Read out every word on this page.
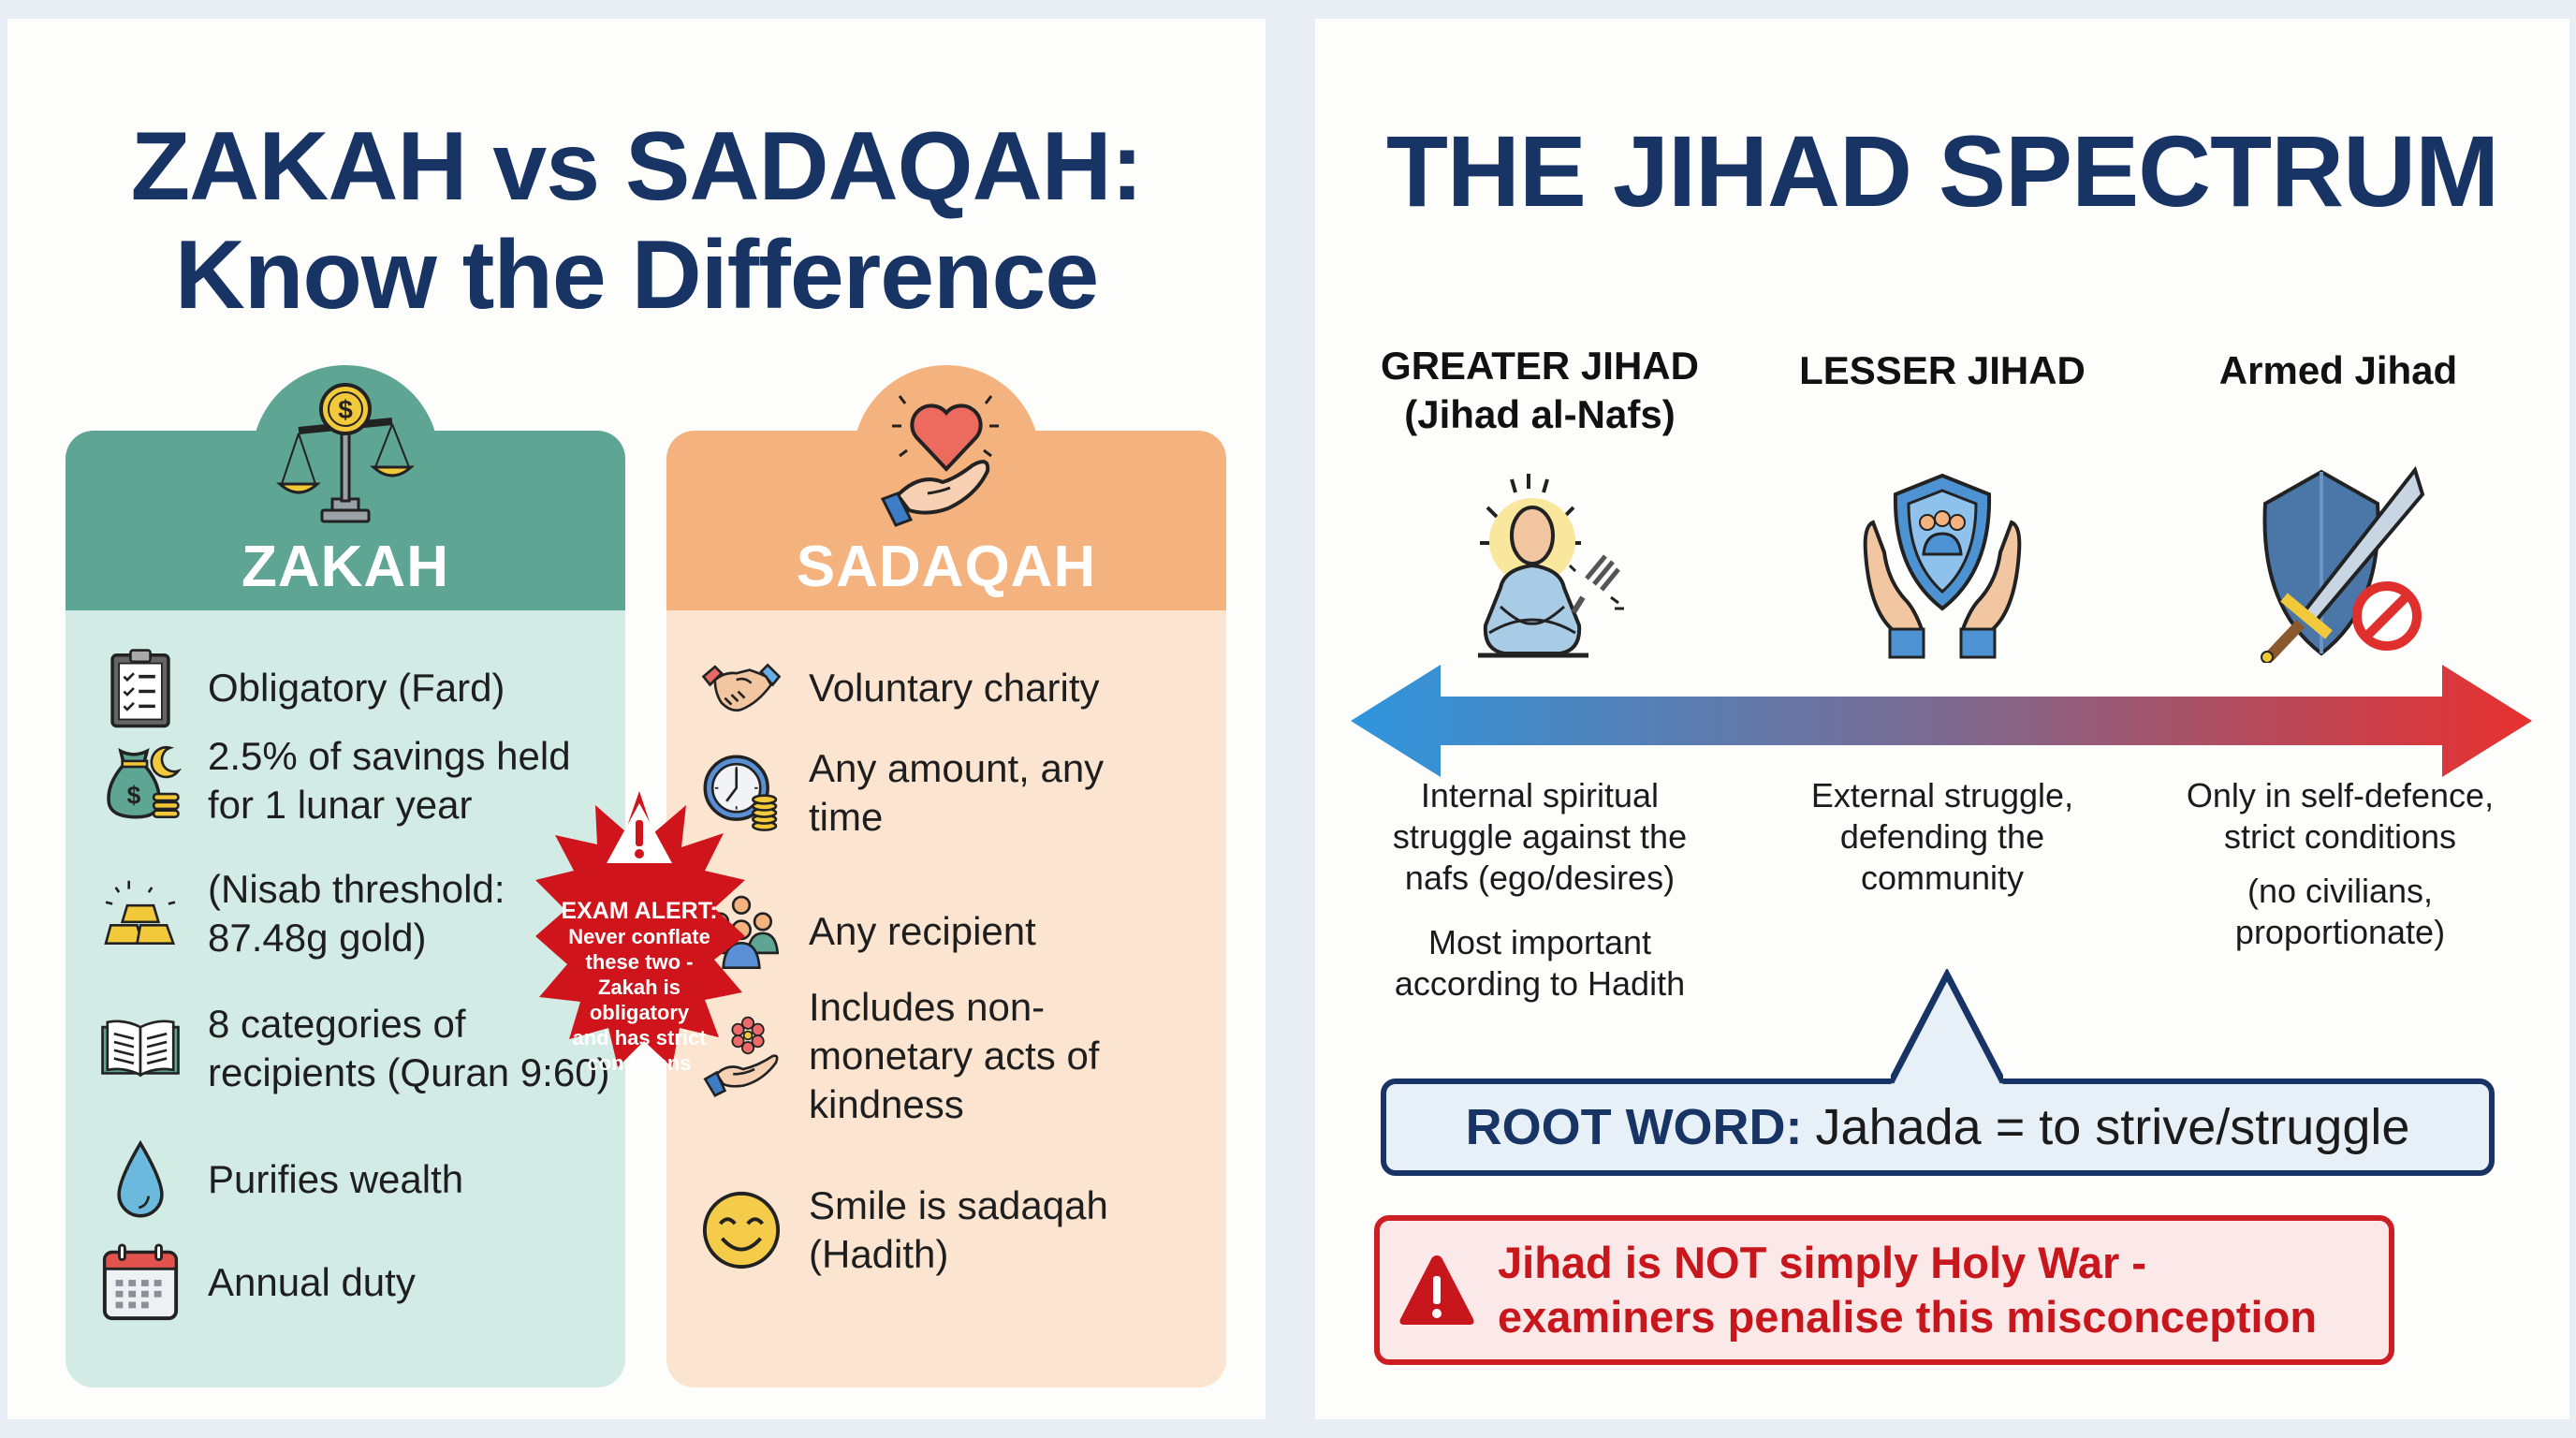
ZAKAH vs SADAQAH:
Know the Difference
$
ZAKAH
Obligatory (Fard)
$
2.5% of savings held
for 1 lunar year
(Nisab threshold:
87.48g gold)
8 categories of
recipients (Quran 9:60)
Purifies wealth
Annual duty
SADAQAH
Voluntary charity
Any amount, any
time
Any recipient
Includes non-
monetary acts of
kindness
Smile is sadaqah
(Hadith)
EXAM ALERT:
Never conflate
these two -
Zakah is
obligatory
and has strict
conditions
THE JIHAD SPECTRUM
GREATER JIHAD
(Jihad al-Nafs)
LESSER JIHAD	Armed Jihad
Internal spiritual
struggle against the
nafs (ego/desires)
Most important
according to Hadith
External struggle,
defending the
community
Only in self-defence,
strict conditions
(no civilians,
proportionate)
ROOT WORD: Jahada = to strive/struggle
Jihad is NOT simply Holy War -
examiners penalise this misconception
